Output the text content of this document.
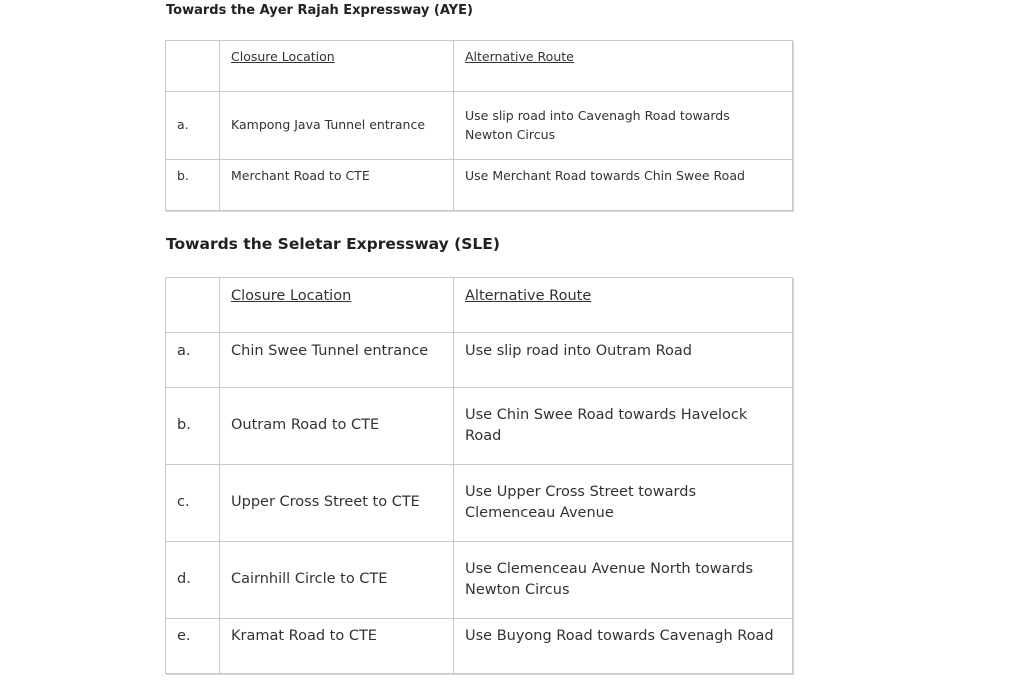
Towards the Ayer Rajah Expressway (AYE)
	Closure Location	Alternative Route
a.	Kampong Java Tunnel entrance	Use slip road into Cavenagh Road towards Newton Circus
b.	Merchant Road to CTE	Use Merchant Road towards Chin Swee Road
Towards the Seletar Expressway (SLE)
	Closure Location	Alternative Route
a.	Chin Swee Tunnel entrance	Use slip road into Outram Road
b.	Outram Road to CTE	Use Chin Swee Road towards Havelock Road
c.	Upper Cross Street to CTE	Use Upper Cross Street towards Clemenceau Avenue
d.	Cairnhill Circle to CTE	Use Clemenceau Avenue North towards Newton Circus
e.	Kramat Road to CTE	Use Buyong Road towards Cavenagh Road
